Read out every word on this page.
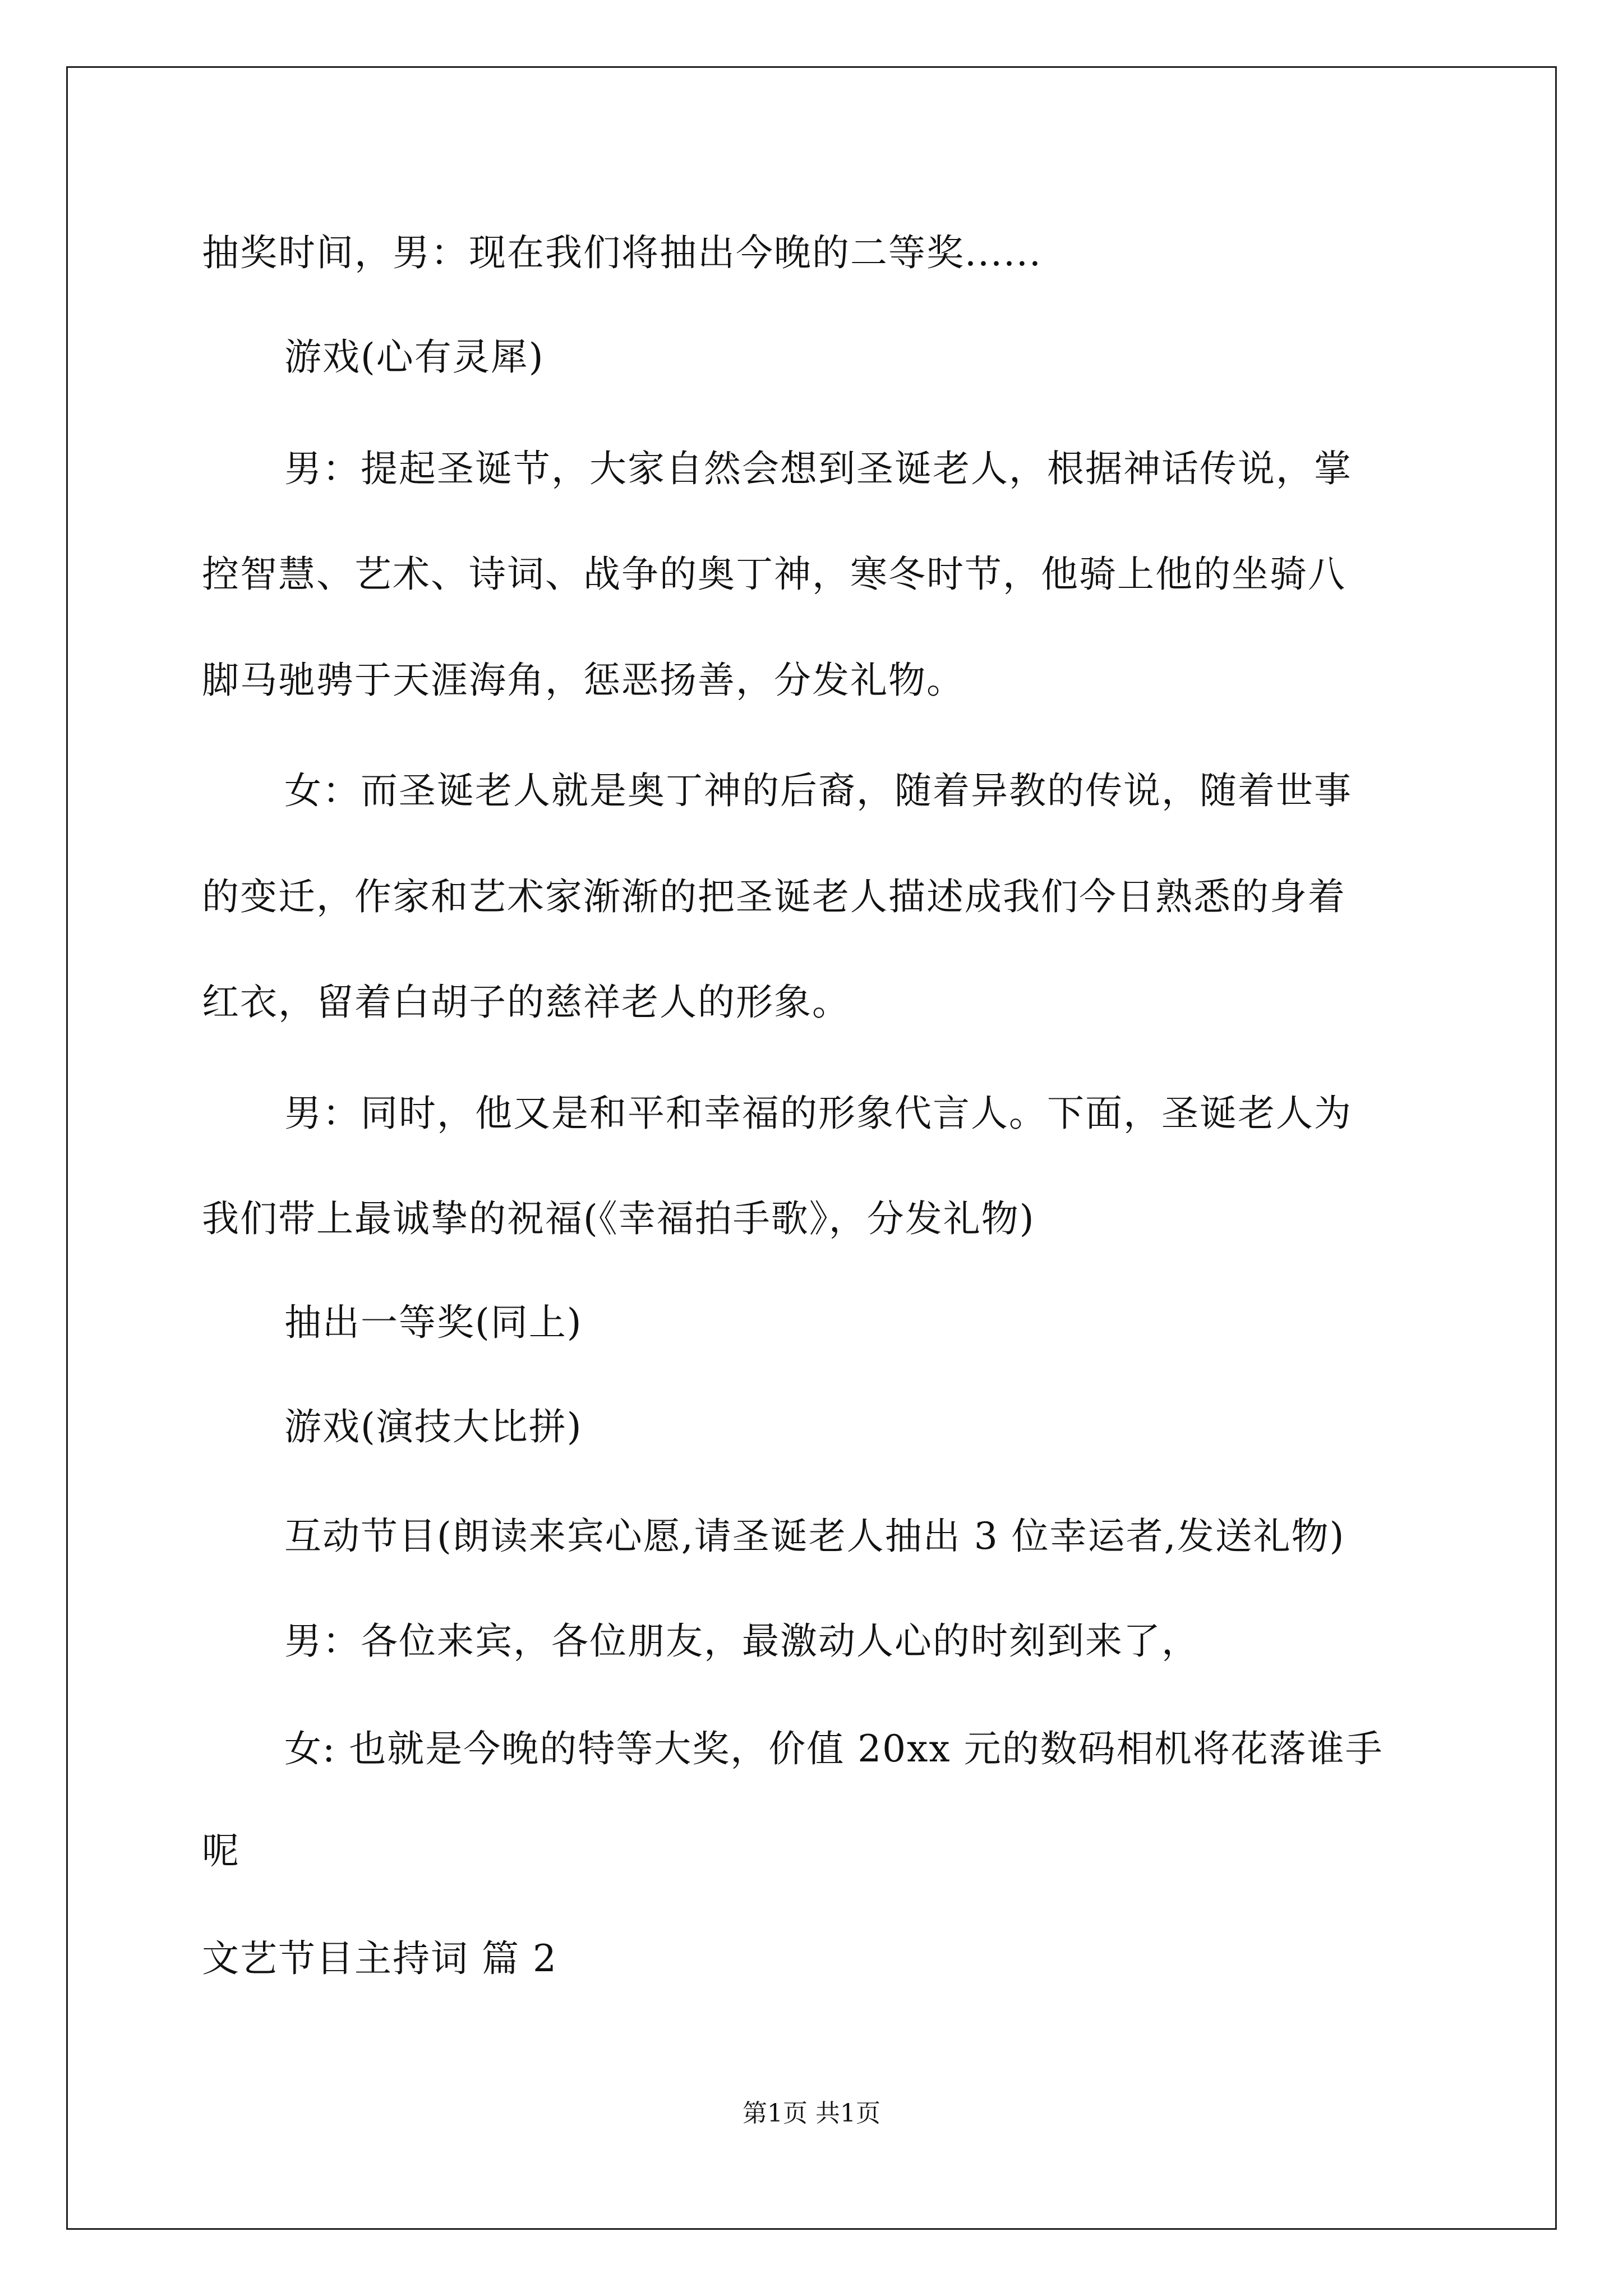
抽奖时间，男：现在我们将抽出今晚的二等奖......
游戏(心有灵犀)
男：提起圣诞节，大家自然会想到圣诞老人，根据神话传说，掌
控智慧、艺术、诗词、战争的奥丁神，寒冬时节，他骑上他的坐骑八
脚马驰骋于天涯海角，惩恶扬善，分发礼物。
女：而圣诞老人就是奥丁神的后裔，随着异教的传说，随着世事
的变迁，作家和艺术家渐渐的把圣诞老人描述成我们今日熟悉的身着
红衣，留着白胡子的慈祥老人的形象。
男：同时，他又是和平和幸福的形象代言人。下面，圣诞老人为
我们带上最诚挚的祝福(《幸福拍手歌》，分发礼物)
抽出一等奖(同上)
游戏(演技大比拼)
互动节目(朗读来宾心愿,请圣诞老人抽出 3 位幸运者,发送礼物)
男：各位来宾，各位朋友，最激动人心的时刻到来了，
女: 也就是今晚的特等大奖，价值 20xx 元的数码相机将花落谁手
呢
文艺节目主持词 篇 2
第1页 共1页
